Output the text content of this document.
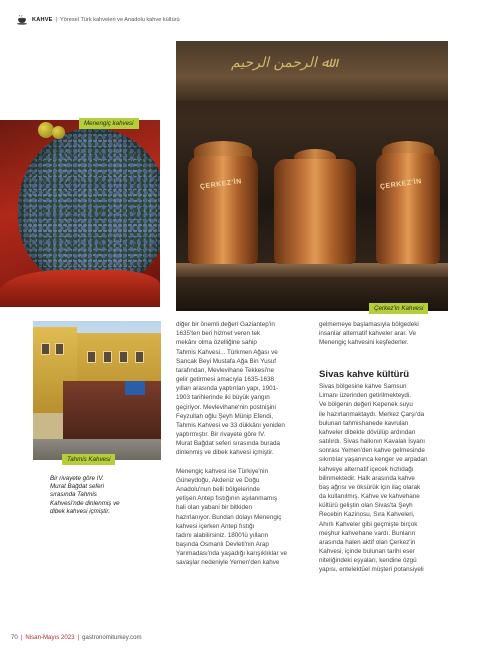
KAHVE | Yöresel Türk kahveleri ve Anadolu kahve kültürü
Menengiç kahvesi
ﷲ ﺍﻟﺮﺣﻤﻦ ﺍﻟﺮﺣﻴﻢ
ÇERKEZ'İN	ÇERKEZ'İN
Çerkez'in Kahvesi
Tahmis Kahvesi
Bir rivayete göre IV.
Murat Bağdat seferi
sırasında Tahmis
Kahvesi'nde dinlenmiş ve
dibek kahvesi içmiştir.
diğer bir önemli değeri Gaziantep'in
1635'ten beri hizmet veren tek
mekânı olma özelliğine sahip
Tahmis Kahvesi... Türkmen Ağası ve
Sancak Beyi Mustafa Ağa Bin Yusuf
tarafından, Mevlevihane Tekkesi'ne
gelir getirmesi amacıyla 1635-1638
yılları arasında yaptırılan yapı, 1901-
1903 tarihlerinde iki büyük yangın
geçiriyor. Mevlevihane'nin postnişini
Feyzullah oğlu Şeyh Münip Efendi,
Tahmis Kahvesi ve 33 dükkânı yeniden
yaptırmıştır. Bir rivayete göre IV.
Murat Bağdat seferi sırasında burada
dinlenmiş ve dibek kahvesi içmiştir.
Menengiç kahvesi ise Türkiye'nin
Güneydoğu, Akdeniz ve Doğu
Anadolu'nun belli bölgelerinde
yetişen Antep fıstığının aşılanmamış
hali olan yabani bir bitkiden
hazırlanıyor. Bundan dolayı Menengiç
kahvesi içerken Antep fıstığı
tadını alabilirsiniz. 1800'lü yılların
başında Osmanlı Devleti'nin Arap
Yarımadası'nda yaşadığı karışıklıklar ve
savaşlar nedeniyle Yemen'den kahve
gelmemeye başlamasıyla bölgedeki
insanlar alternatif kahveler arar. Ve
Menengiç kahvesini keşfederler.
Sivas kahve kültürü
Sivas bölgesine kahve Samsun
Limanı üzerinden getirilmekteydi.
Ve bölgenin değeri Kepenek suyu
ile hazırlanmaktaydı. Merkez Çarşı'da
bulunan tahmishanede kavrulan
kahveler dibekte dövülüp ardından
satılırdı. Sivas halkının Kavalalı İsyanı
sonrası Yemen'den kahve gelmesinde
sıkıntılar yaşanınca kenger ve arpadan
kahveye alternatif içecek hızlıdağı
bilinmektedir. Halk arasında kahve
baş ağrısı ve öksürük için ilaç olarak
da kullanılmış. Kahve ve kahvehane
kültürü geliştin olan Sivas'ta Şeyh
Recebin Kazinosu, Sıra Kahveleri,
Ahırlı Kahveler gibi geçmişte birçok
meşhur kahvehane vardı. Bunların
arasında halen aktif olan Çerkez'in
Kahvesi, içinde bulunan tarihi eser
niteliğindeki eşyaları, kendine özgü
yapısı, entelektüel müşteri potansiyeli
70 | Nisan-Mayıs 2023 | gastronomiturkey.com
